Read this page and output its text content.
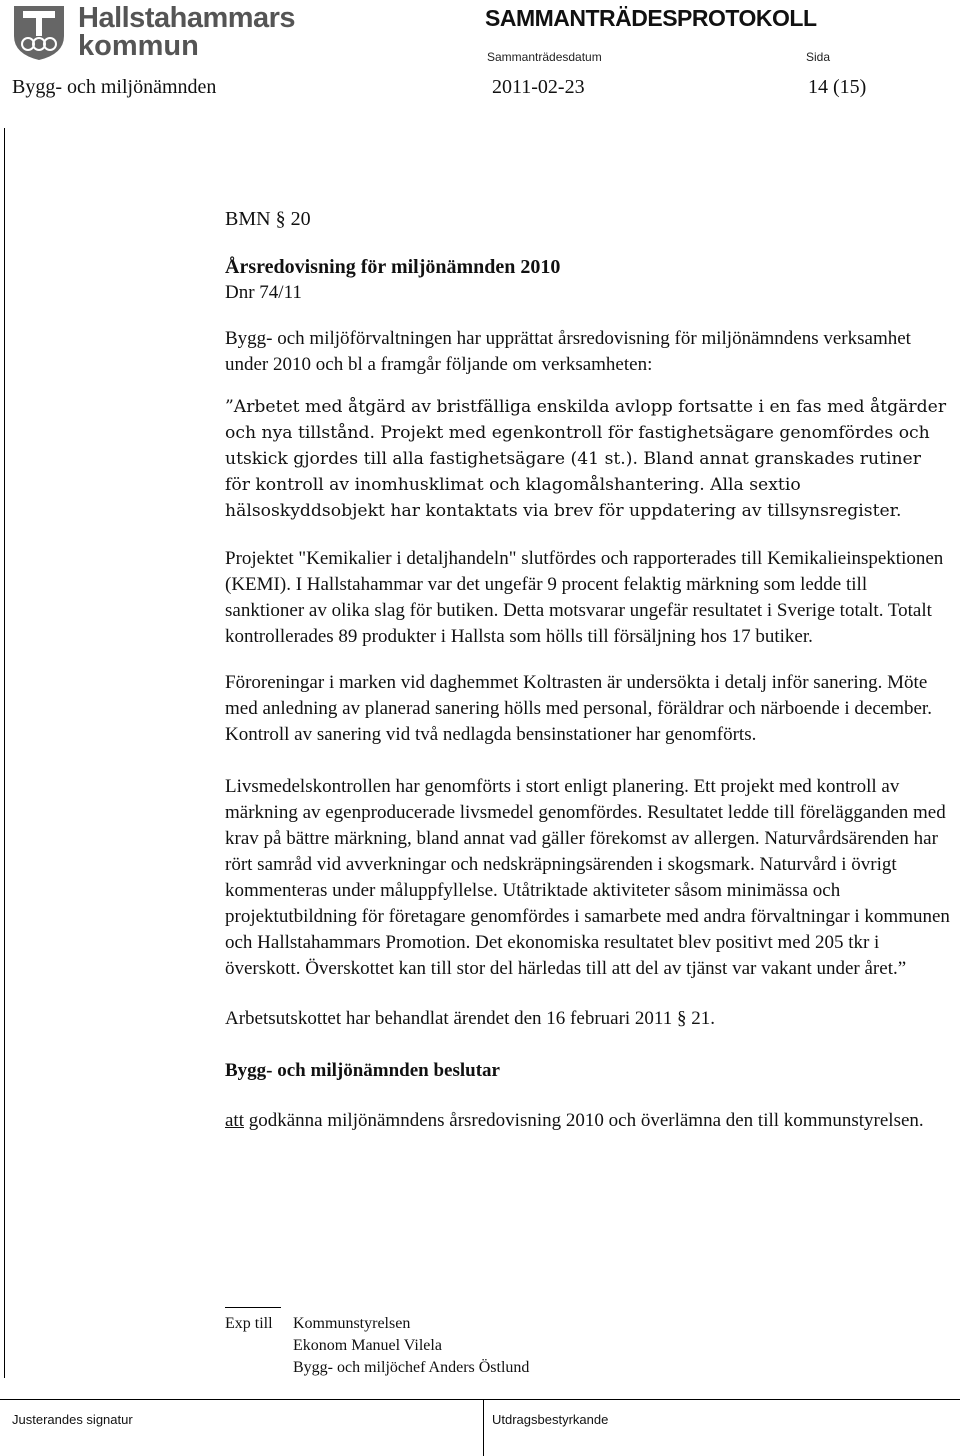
Hallstahammars
kommun
SAMMANTRÄDESPROTOKOLL
Sammanträdesdatum	Sida
Bygg- och miljönämnden	2011-02-23	14 (15)

BMN § 20

Årsredovisning för miljönämnden 2010

Dnr 74/11

Bygg- och miljöförvaltningen har upprättat årsredovisning för miljönämndens verksamhet under 2010 och bl a framgår följande om verksamheten:

”Arbetet med åtgärd av bristfälliga enskilda avlopp fortsatte i en fas med åtgärder och nya tillstånd. Projekt med egenkontroll för fastighetsägare genomfördes och utskick gjordes till alla fastighetsägare (41 st.). Bland annat granskades rutiner för kontroll av inomhusklimat och klagomålshantering. Alla sextio hälsoskyddsobjekt har kontaktats via brev för uppdatering av tillsynsregister.

Projektet "Kemikalier i detaljhandeln" slutfördes och rapporterades till Kemikalieinspektionen (KEMI). I Hallstahammar var det ungefär 9 procent felaktig märkning som ledde till sanktioner av olika slag för butiken. Detta motsvarar ungefär resultatet i Sverige totalt. Totalt kontrollerades 89 produkter i Hallsta som hölls till försäljning hos 17 butiker.

Föroreningar i marken vid daghemmet Koltrasten är undersökta i detalj inför sanering. Möte med anledning av planerad sanering hölls med personal, föräldrar och närboende i december. Kontroll av sanering vid två nedlagda bensinstationer har genomförts.

Livsmedelskontrollen har genomförts i stort enligt planering. Ett projekt med kontroll av märkning av egenproducerade livsmedel genomfördes. Resultatet ledde till förelägganden med krav på bättre märkning, bland annat vad gäller förekomst av allergen. Naturvårdsärenden har rört samråd vid avverkningar och nedskräpningsärenden i skogsmark. Naturvård i övrigt kommenteras under måluppfyllelse. Utåtriktade aktiviteter såsom minimässa och projektutbildning för företagare genomfördes i samarbete med andra förvaltningar i kommunen och Hallstahammars Promotion. Det ekonomiska resultatet blev positivt med 205 tkr i överskott. Överskottet kan till stor del härledas till att del av tjänst var vakant under året.”

Arbetsutskottet har behandlat ärendet den 16 februari 2011 § 21.

Bygg- och miljönämnden beslutar

att godkänna miljönämndens årsredovisning 2010 och överlämna den till kommunstyrelsen.

Exp till	Kommunstyrelsen
Ekonom Manuel Vilela
Bygg- och miljöchef Anders Östlund
Justerandes signatur	Utdragsbestyrkande
